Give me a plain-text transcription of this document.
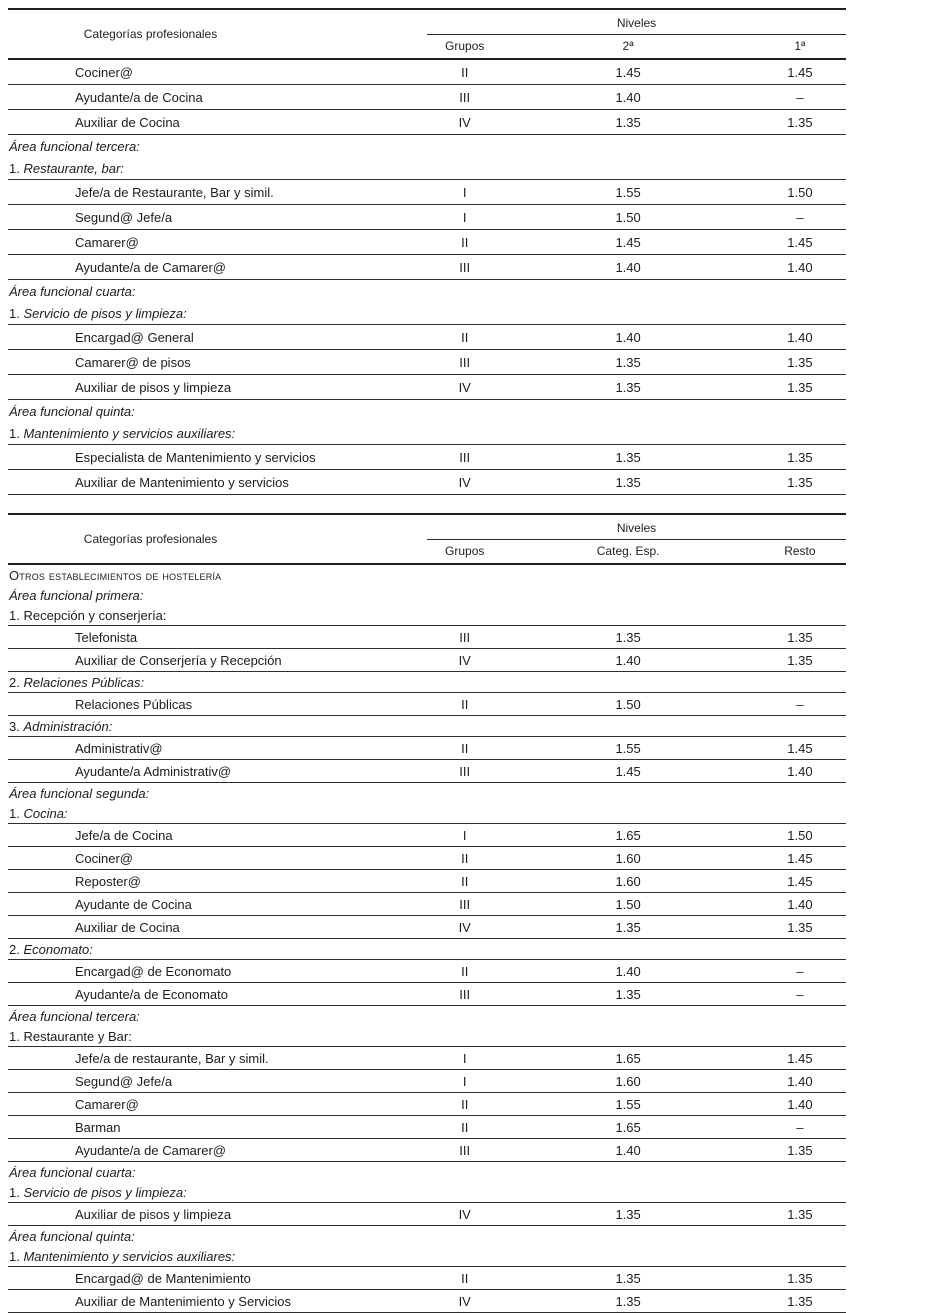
Categorías profesionales	Niveles		
	Grupos	2ª	1ª
Cociner@	II	1.45	1.45
Ayudante/a de Cocina	III	1.40	–
Auxiliar de Cocina	IV	1.35	1.35
Área funcional tercera:			
1. Restaurante, bar:			
Jefe/a de Restaurante, Bar y simil.	I	1.55	1.50
Segund@ Jefe/a	I	1.50	–
Camarer@	II	1.45	1.45
Ayudante/a de Camarer@	III	1.40	1.40
Área funcional cuarta:			
1. Servicio de pisos y limpieza:			
Encargad@ General	II	1.40	1.40
Camarer@ de pisos	III	1.35	1.35
Auxiliar de pisos y limpieza	IV	1.35	1.35
Área funcional quinta:			
1. Mantenimiento y servicios auxiliares:			
Especialista de Mantenimiento y servicios	III	1.35	1.35
Auxiliar de Mantenimiento y servicios	IV	1.35	1.35
Categorías profesionales	Niveles		
	Grupos	Categ. Esp.	Resto
Otros establecimientos de hostelería			
Área funcional primera:			
1. Recepción y conserjería:			
Telefonista	III	1.35	1.35
Auxiliar de Conserjería y Recepción	IV	1.40	1.35
2. Relaciones Públicas:			
Relaciones Públicas	II	1.50	–
3. Administración:			
Administrativ@	II	1.55	1.45
Ayudante/a Administrativ@	III	1.45	1.40
Área funcional segunda:			
1. Cocina:			
Jefe/a de Cocina	I	1.65	1.50
Cociner@	II	1.60	1.45
Reposter@	II	1.60	1.45
Ayudante de Cocina	III	1.50	1.40
Auxiliar de Cocina	IV	1.35	1.35
2. Economato:			
Encargad@ de Economato	II	1.40	–
Ayudante/a de Economato	III	1.35	–
Área funcional tercera:			
1. Restaurante y Bar:			
Jefe/a de restaurante, Bar y simil.	I	1.65	1.45
Segund@ Jefe/a	I	1.60	1.40
Camarer@	II	1.55	1.40
Barman	II	1.65	–
Ayudante/a de Camarer@	III	1.40	1.35
Área funcional cuarta:			
1. Servicio de pisos y limpieza:			
Auxiliar de pisos y limpieza	IV	1.35	1.35
Área funcional quinta:			
1. Mantenimiento y servicios auxiliares:			
Encargad@ de Mantenimiento	II	1.35	1.35
Auxiliar de Mantenimiento y Servicios	IV	1.35	1.35
